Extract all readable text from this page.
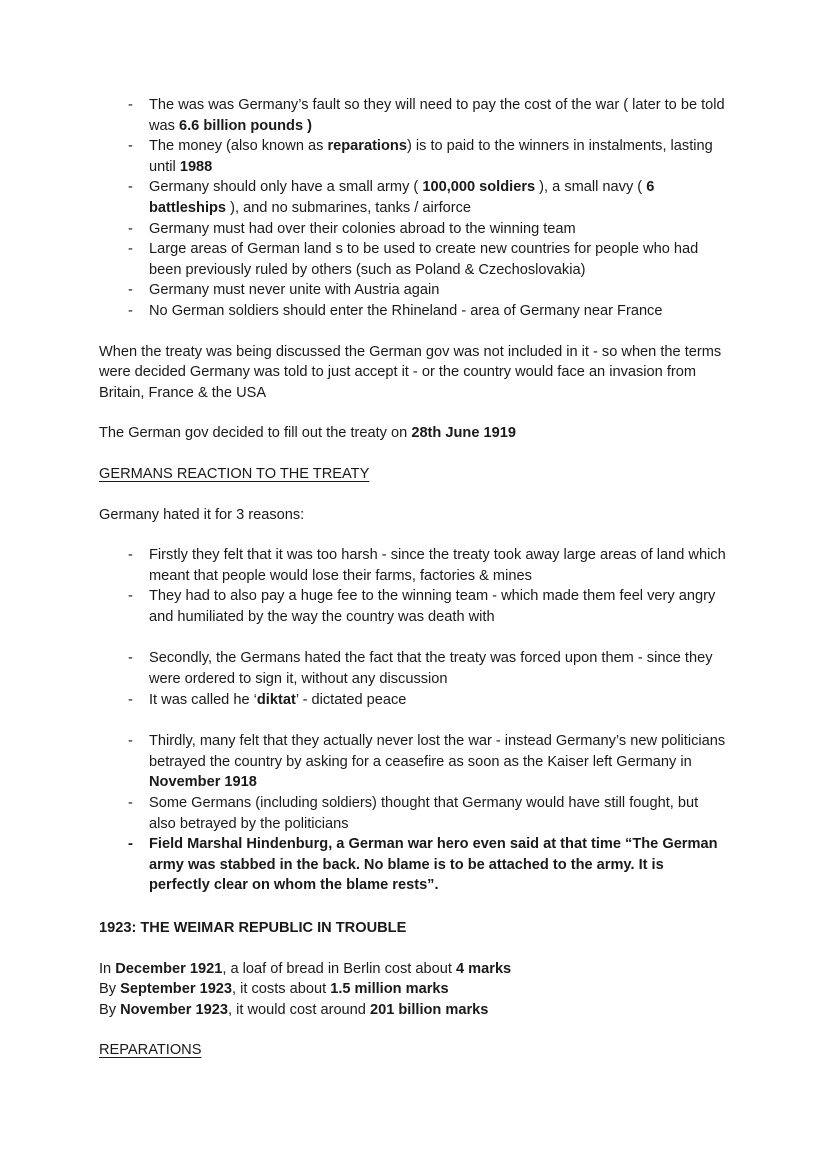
-	The was was Germany’s fault so they will need to pay the cost of the war ( later to be told was 6.6 billion pounds )
-	The money (also known as reparations) is to paid to the winners in instalments, lasting until 1988
-	Germany should only have a small army ( 100,000 soldiers ), a small navy ( 6 battleships ), and no submarines, tanks / airforce
-	Germany must had over their colonies abroad to the winning team
-	Large areas of German land s to be used to create new countries for people who had been previously ruled by others (such as Poland & Czechoslovakia)
-	Germany must never unite with Austria again
-	No German soldiers should enter the Rhineland - area of Germany near France

When the treaty was being discussed the German gov was not included in it - so when the terms were decided Germany was told to just accept it - or the country would face an invasion from Britain, France & the USA

The German gov decided to fill out the treaty on 28th June 1919

GERMANS REACTION TO THE TREATY

Germany hated it for 3 reasons:

-	Firstly they felt that it was too harsh - since the treaty took away large areas of land which meant that people would lose their farms, factories & mines
-	They had to also pay a huge fee to the winning team - which made them feel very angry and humiliated by the way the country was death with
-	Secondly, the Germans hated the fact that the treaty was forced upon them - since they were ordered to sign it, without any discussion
-	It was called he ‘diktat’ - dictated peace
-	Thirdly, many felt that they actually never lost the war - instead Germany’s new politicians betrayed the country by asking for a ceasefire as soon as the Kaiser left Germany in November 1918
-	Some Germans (including soldiers) thought that Germany would have still fought, but also betrayed by the politicians
-	Field Marshal Hindenburg, a German war hero even said at that time “The German army was stabbed in the back. No blame is to be attached to the army. It is perfectly clear on whom the blame rests”.

1923: THE WEIMAR REPUBLIC IN TROUBLE

In December 1921, a loaf of bread in Berlin cost about 4 marks

By September 1923, it costs about 1.5 million marks

By November 1923, it would cost around 201 billion marks

REPARATIONS
